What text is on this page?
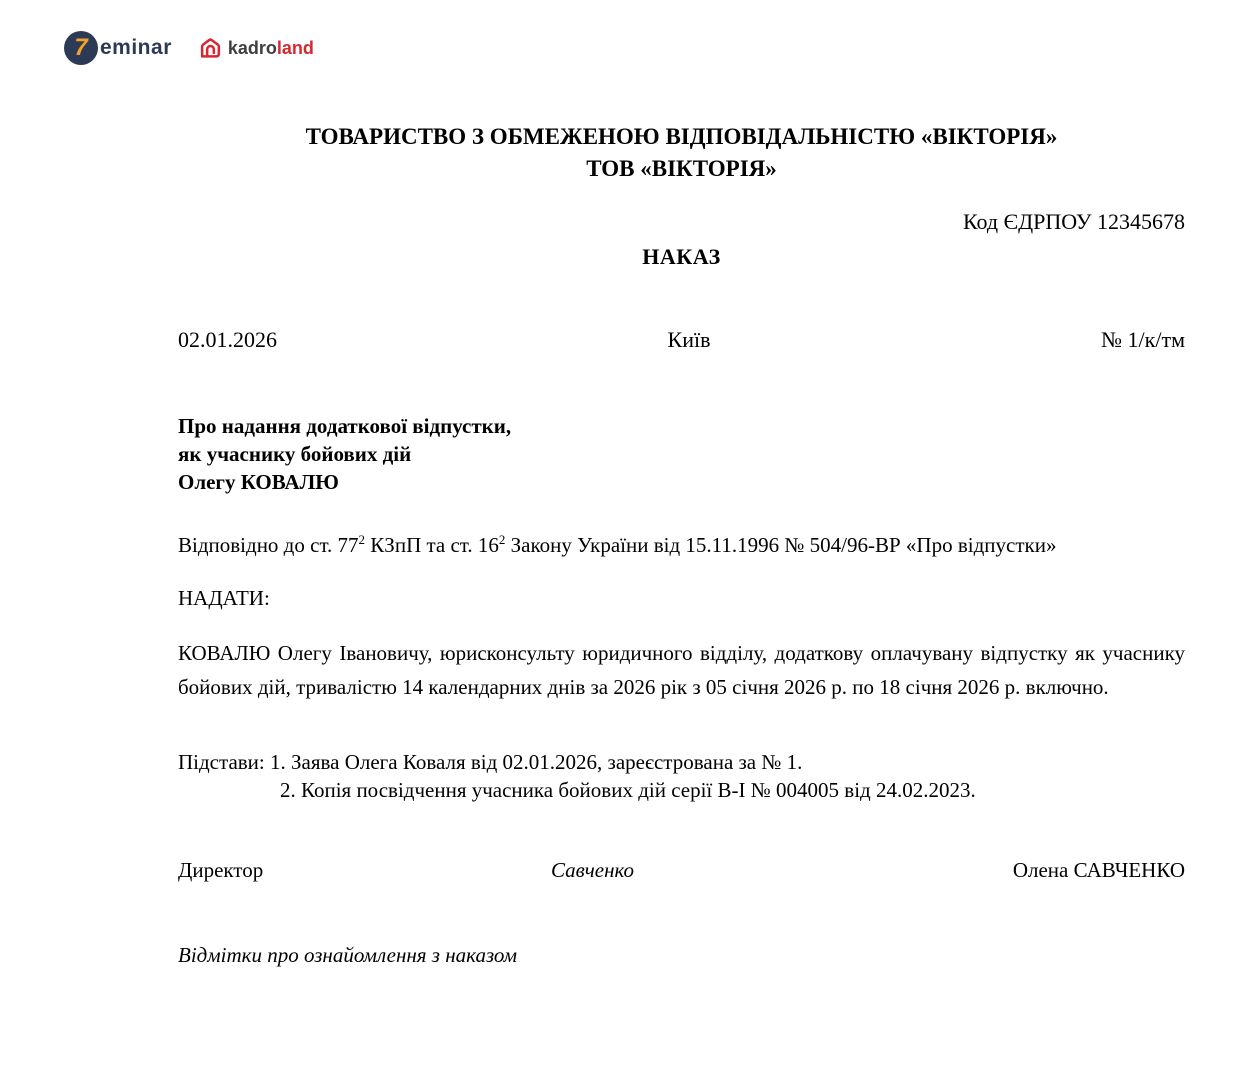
7 eminar	kadroland
ТОВАРИСТВО З ОБМЕЖЕНОЮ ВІДПОВІДАЛЬНІСТЮ «ВІКТОРІЯ»
ТОВ «ВІКТОРІЯ»
Код ЄДРПОУ 12345678
НАКАЗ
02.01.2026	Київ	№ 1/к/тм
Про надання додаткової відпустки,
як учаснику бойових дій
Олегу КОВАЛЮ

Відповідно до ст. $77^2$ КЗпП та ст. $16^2$ Закону України від 15.11.1996 № 504/96-ВР «Про відпустки»

НАДАТИ:

КОВАЛЮ Олегу Івановичу, юрисконсульту юридичного відділу, додаткову оплачувану відпустку як учаснику бойових дій, тривалістю 14 календарних днів за 2026 рік з 05 січня 2026 р. по 18 січня 2026 р. включно.

Підстави: 1. Заява Олега Коваля від 02.01.2026, зареєстрована за № 1.
2. Копія посвідчення учасника бойових дій серії В-І № 004005 від 24.02.2023.
Директор	Савченко	Олена САВЧЕНКО
Відмітки про ознайомлення з наказом
